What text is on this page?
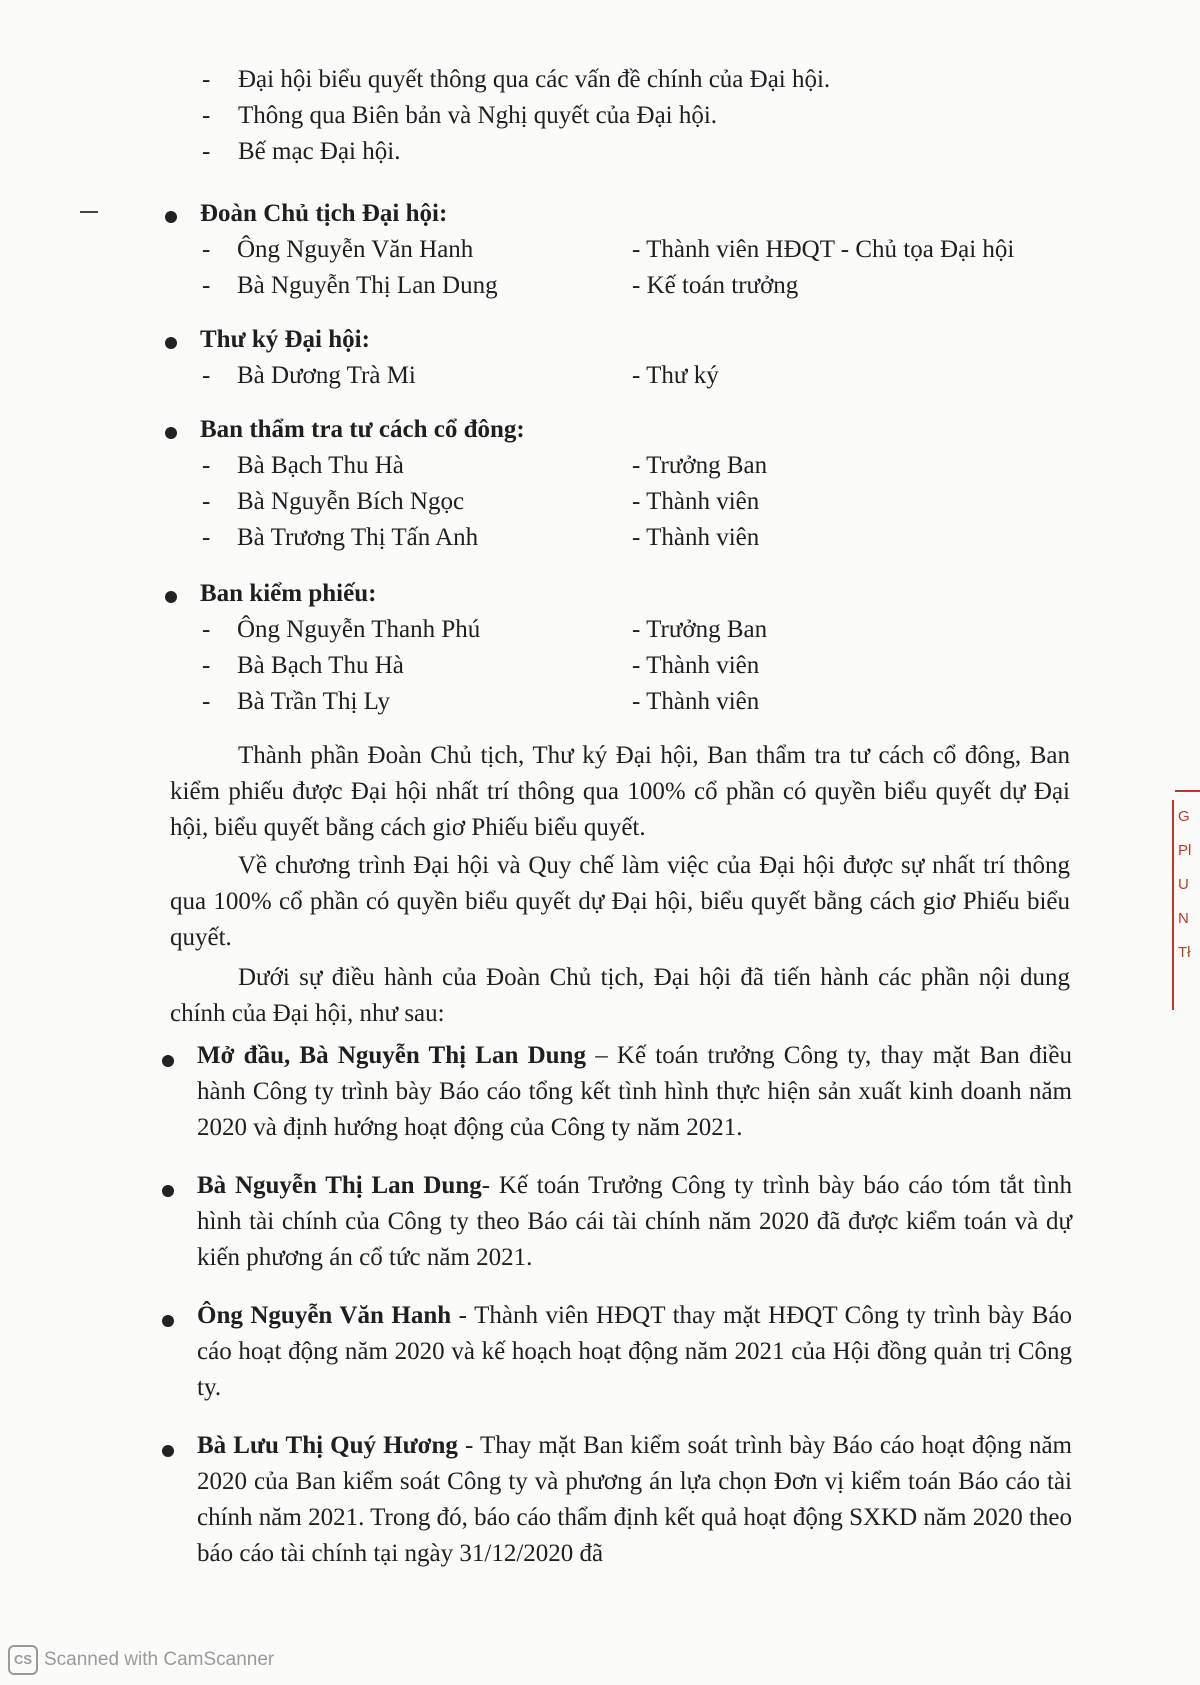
- Đại hội biểu quyết thông qua các vấn đề chính của Đại hội.
- Thông qua Biên bản và Nghị quyết của Đại hội.
- Bế mạc Đại hội.
Đoàn Chủ tịch Đại hội:
- Ông Nguyễn Văn Hanh	- Thành viên HĐQT - Chủ tọa Đại hội
- Bà Nguyễn Thị Lan Dung	- Kế toán trưởng
Thư ký Đại hội:
- Bà Dương Trà Mi	- Thư ký
Ban thẩm tra tư cách cổ đông:
- Bà Bạch Thu Hà	- Trưởng Ban
- Bà Nguyễn Bích Ngọc	- Thành viên
- Bà Trương Thị Tấn Anh	- Thành viên
Ban kiểm phiếu:
- Ông Nguyễn Thanh Phú	- Trưởng Ban
- Bà Bạch Thu Hà	- Thành viên
- Bà Trần Thị Ly	- Thành viên
Thành phần Đoàn Chủ tịch, Thư ký Đại hội, Ban thẩm tra tư cách cổ đông, Ban kiểm phiếu được Đại hội nhất trí thông qua 100% cổ phần có quyền biểu quyết dự Đại hội, biểu quyết bằng cách giơ Phiếu biểu quyết.
Về chương trình Đại hội và Quy chế làm việc của Đại hội được sự nhất trí thông qua 100% cổ phần có quyền biểu quyết dự Đại hội, biểu quyết bằng cách giơ Phiếu biểu quyết.
Dưới sự điều hành của Đoàn Chủ tịch, Đại hội đã tiến hành các phần nội dung chính của Đại hội, như sau:
Mở đầu, Bà Nguyễn Thị Lan Dung – Kế toán trưởng Công ty, thay mặt Ban điều hành Công ty trình bày Báo cáo tổng kết tình hình thực hiện sản xuất kinh doanh năm 2020 và định hướng hoạt động của Công ty năm 2021.
Bà Nguyễn Thị Lan Dung- Kế toán Trưởng Công ty trình bày báo cáo tóm tắt tình hình tài chính của Công ty theo Báo cái tài chính năm 2020 đã được kiểm toán và dự kiến phương án cổ tức năm 2021.
Ông Nguyễn Văn Hanh - Thành viên HĐQT thay mặt HĐQT Công ty trình bày Báo cáo hoạt động năm 2020 và kế hoạch hoạt động năm 2021 của Hội đồng quản trị Công ty.
Bà Lưu Thị Quý Hương - Thay mặt Ban kiểm soát trình bày Báo cáo hoạt động năm 2020 của Ban kiểm soát Công ty và phương án lựa chọn Đơn vị kiểm toán Báo cáo tài chính năm 2021. Trong đó, báo cáo thẩm định kết quả hoạt động SXKD năm 2020 theo báo cáo tài chính tại ngày 31/12/2020 đã
G
Pl
U
N
Tł
CS Scanned with CamScanner
